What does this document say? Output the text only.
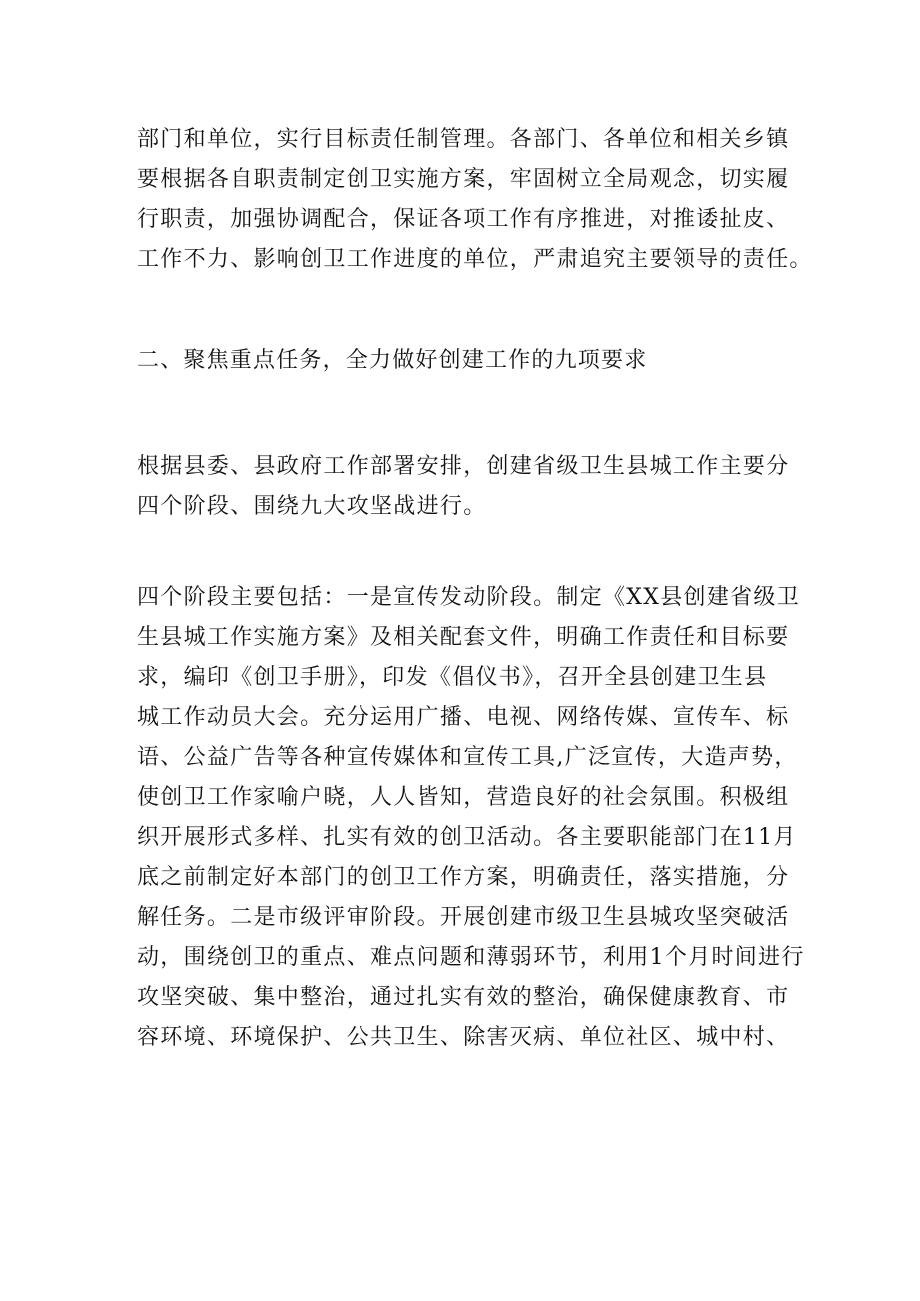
部门和单位，实行目标责任制管理。各部门、各单位和相关乡镇
要根据各自职责制定创卫实施方案，牢固树立全局观念，切实履
行职责，加强协调配合，保证各项工作有序推进，对推诿扯皮、
工作不力、影响创卫工作进度的单位，严肃追究主要领导的责任。
二、聚焦重点任务，全力做好创建工作的九项要求
根据县委、县政府工作部署安排，创建省级卫生县城工作主要分
四个阶段、围绕九大攻坚战进行。
四个阶段主要包括：一是宣传发动阶段。制定《XX县创建省级卫
生县城工作实施方案》及相关配套文件，明确工作责任和目标要
求，编印《创卫手册》，印发《倡仪书》，召开全县创建卫生县
城工作动员大会。充分运用广播、电视、网络传媒、宣传车、标
语、公益广告等各种宣传媒体和宣传工具,广泛宣传，大造声势，
使创卫工作家喻户晓，人人皆知，营造良好的社会氛围。积极组
织开展形式多样、扎实有效的创卫活动。各主要职能部门在11月
底之前制定好本部门的创卫工作方案，明确责任，落实措施，分
解任务。二是市级评审阶段。开展创建市级卫生县城攻坚突破活
动，围绕创卫的重点、难点问题和薄弱环节，利用1个月时间进行
攻坚突破、集中整治，通过扎实有效的整治，确保健康教育、市
容环境、环境保护、公共卫生、除害灭病、单位社区、城中村、
